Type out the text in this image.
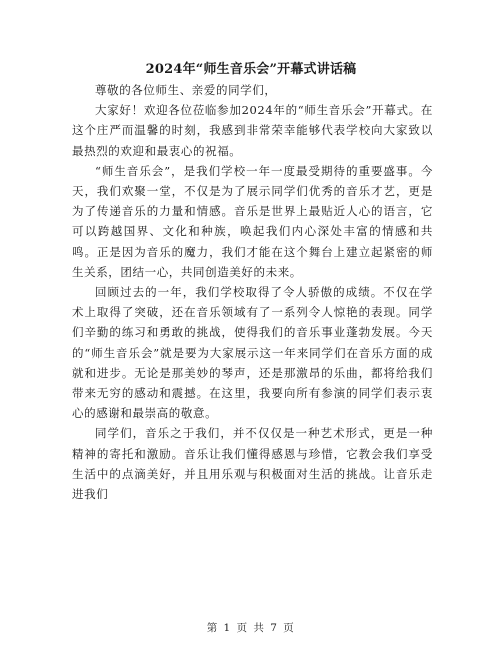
2024年“师生音乐会”开幕式讲话稿

尊敬的各位师生、亲爱的同学们，

大家好！欢迎各位莅临参加2024年的“师生音乐会”开幕式。在这个庄严而温馨的时刻，我感到非常荣幸能够代表学校向大家致以最热烈的欢迎和最衷心的祝福。

“师生音乐会”，是我们学校一年一度最受期待的重要盛事。今天，我们欢聚一堂，不仅是为了展示同学们优秀的音乐才艺，更是为了传递音乐的力量和情感。音乐是世界上最贴近人心的语言，它可以跨越国界、文化和种族，唤起我们内心深处丰富的情感和共鸣。正是因为音乐的魔力，我们才能在这个舞台上建立起紧密的师生关系，团结一心，共同创造美好的未来。

回顾过去的一年，我们学校取得了令人骄傲的成绩。不仅在学术上取得了突破，还在音乐领域有了一系列令人惊艳的表现。同学们辛勤的练习和勇敢的挑战，使得我们的音乐事业蓬勃发展。今天的“师生音乐会”就是要为大家展示这一年来同学们在音乐方面的成就和进步。无论是那美妙的琴声，还是那激昂的乐曲，都将给我们带来无穷的感动和震撼。在这里，我要向所有参演的同学们表示衷心的感谢和最崇高的敬意。

同学们，音乐之于我们，并不仅仅是一种艺术形式，更是一种精神的寄托和激励。音乐让我们懂得感恩与珍惜，它教会我们享受生活中的点滴美好，并且用乐观与积极面对生活的挑战。让音乐走进我们

第 1 页 共 7 页
